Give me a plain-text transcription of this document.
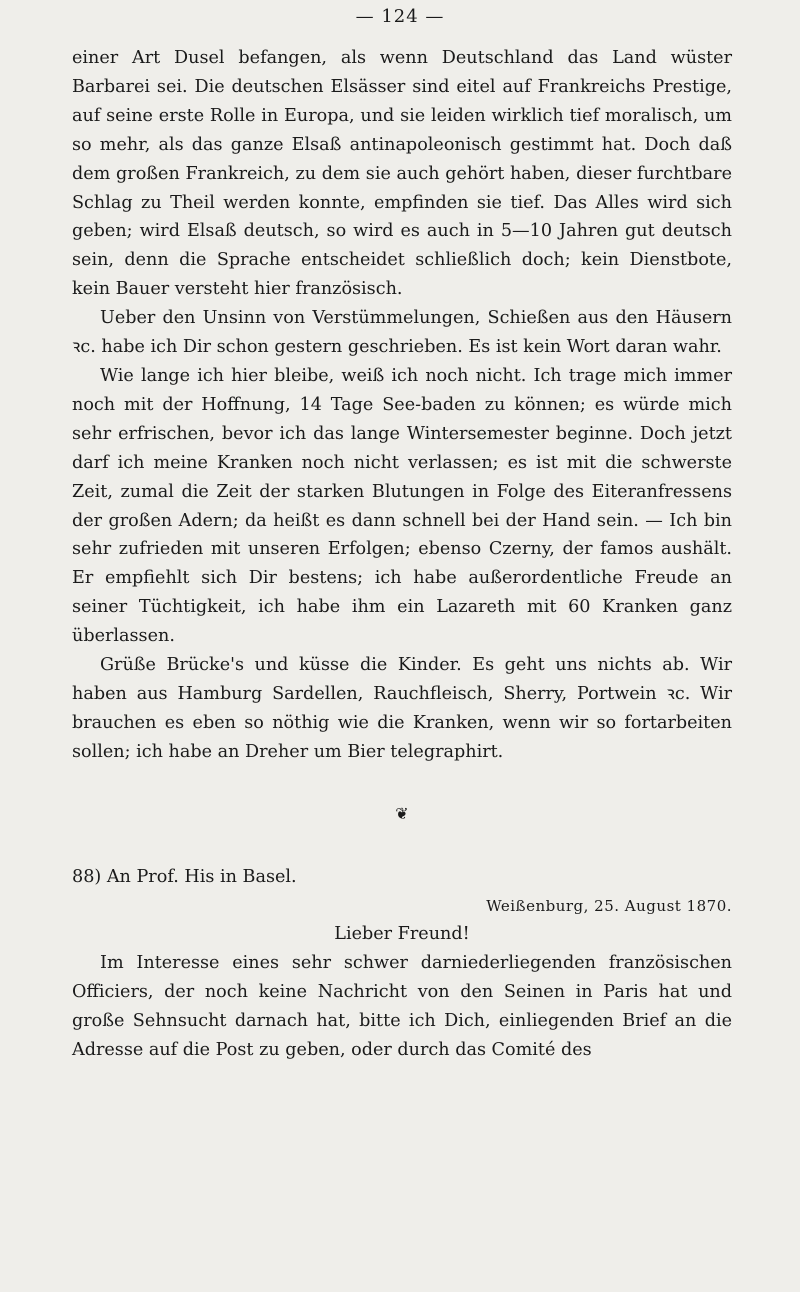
— 124 —

einer Art Dusel befangen, als wenn Deutschland das Land wüster Barbarei sei. Die deutschen Elsässer sind eitel auf Frankreichs Prestige, auf seine erste Rolle in Europa, und sie leiden wirklich tief moralisch, um so mehr, als das ganze Elsaß antinapoleonisch gestimmt hat. Doch daß dem großen Frankreich, zu dem sie auch gehört haben, dieser furchtbare Schlag zu Theil werden konnte, empfinden sie tief. Das Alles wird sich geben; wird Elsaß deutsch, so wird es auch in 5—10 Jahren gut deutsch sein, denn die Sprache entscheidet schließlich doch; kein Dienstbote, kein Bauer versteht hier französisch.

Ueber den Unsinn von Verstümmelungen, Schießen aus den Häusern ꝛc. habe ich Dir schon gestern geschrieben. Es ist kein Wort daran wahr.

Wie lange ich hier bleibe, weiß ich noch nicht. Ich trage mich immer noch mit der Hoffnung, 14 Tage See-baden zu können; es würde mich sehr erfrischen, bevor ich das lange Wintersemester beginne. Doch jetzt darf ich meine Kranken noch nicht verlassen; es ist mit die schwerste Zeit, zumal die Zeit der starken Blutungen in Folge des Eiteranfressens der großen Adern; da heißt es dann schnell bei der Hand sein. — Ich bin sehr zufrieden mit unseren Erfolgen; ebenso Czerny, der famos aushält. Er empfiehlt sich Dir bestens; ich habe außerordentliche Freude an seiner Tüchtigkeit, ich habe ihm ein Lazareth mit 60 Kranken ganz überlassen.

Grüße Brücke's und küsse die Kinder. Es geht uns nichts ab. Wir haben aus Hamburg Sardellen, Rauchfleisch, Sherry, Portwein ꝛc. Wir brauchen es eben so nöthig wie die Kranken, wenn wir so fortarbeiten sollen; ich habe an Dreher um Bier telegraphirt.

❦

88) An Prof. His in Basel.

Weißenburg, 25. August 1870.

Lieber Freund!

Im Interesse eines sehr schwer darniederliegenden französischen Officiers, der noch keine Nachricht von den Seinen in Paris hat und große Sehnsucht darnach hat, bitte ich Dich, einliegenden Brief an die Adresse auf die Post zu geben, oder durch das Comité des
